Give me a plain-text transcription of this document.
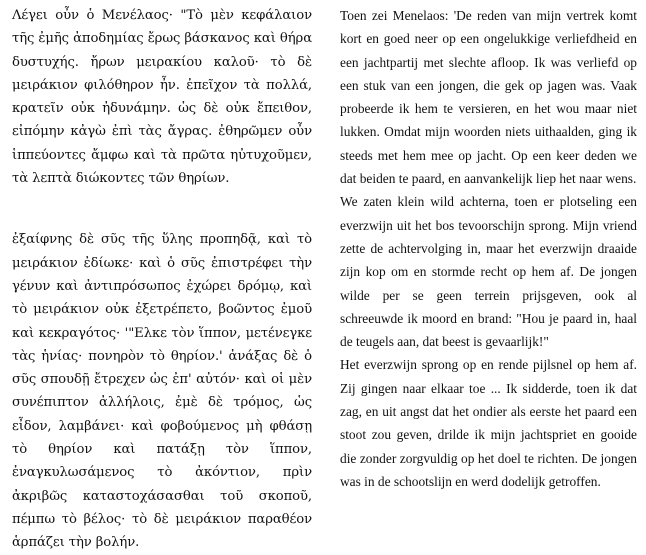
Λέγει οὖν ὁ Μενέλαος· "Τὸ μὲν κεφάλαιον τῆς ἐμῆς ἀποδημίας ἔρως βάσκανος καὶ θήρα δυστυχής. ἤρων μειρακίου καλοῦ· τὸ δὲ μειράκιον φιλόθηρον ἦν. ἐπεῖχον τὰ πολλά, κρατεῖν οὐκ ἠδυνάμην. ὡς δὲ οὐκ ἔπειθον, εἰπόμην κἀγὼ ἐπὶ τὰς ἄγρας. ἐθηρῶμεν οὖν ἱππεύοντες ἄμφω καὶ τὰ πρῶτα ηὐτυχοῦμεν, τὰ λεπτὰ διώκοντες τῶν θηρίων.

ἐξαίφνης δὲ σῦς τῆς ὕλης προπηδᾷ, καὶ τὸ μειράκιον ἐδίωκε· καὶ ὁ σῦς ἐπιστρέφει τὴν γένυν καὶ ἀντιπρόσωπος ἐχώρει δρόμῳ, καὶ τὸ μειράκιον οὐκ ἐξετρέπετο, βοῶντος ἐμοῦ καὶ κεκραγότος· '"Ελκε τὸν ἵππον, μετένεγκε τὰς ἡνίας· πονηρὸν τὸ θηρίον.' ἀνάξας δὲ ὁ σῦς σπουδῇ ἔτρεχεν ὡς ἐπ' αὐτόν· καὶ οἱ μὲν συνέπιπτον ἀλλήλοις, ἐμὲ δὲ τρόμος, ὡς εἶδον, λαμβάνει· καὶ φοβούμενος μὴ φθάσῃ τὸ θηρίον καὶ πατάξῃ τὸν ἵππον, ἐναγκυλωσάμενος τὸ ἀκόντιον, πρὶν ἀκριβῶς καταστοχάσασθαι τοῦ σκοποῦ, πέμπω τὸ βέλος· τὸ δὲ μειράκιον παραθέον ἁρπάζει τὴν βολήν.

Toen zei Menelaos: 'De reden van mijn vertrek komt kort en goed neer op een ongelukkige verliefdheid en een jachtpartij met slechte afloop. Ik was verliefd op een stuk van een jongen, die gek op jagen was. Vaak probeerde ik hem te versieren, en het wou maar niet lukken. Omdat mijn woorden niets uithaalden, ging ik steeds met hem mee op jacht. Op een keer deden we dat beiden te paard, en aanvankelijk liep het naar wens.

We zaten klein wild achterna, toen er plotseling een everzwijn uit het bos tevoorschijn sprong. Mijn vriend zette de achtervolging in, maar het everzwijn draaide zijn kop om en stormde recht op hem af. De jongen wilde per se geen terrein prijsgeven, ook al schreeuwde ik moord en brand: "Hou je paard in, haal de teugels aan, dat beest is gevaarlijk!"

Het everzwijn sprong op en rende pijlsnel op hem af. Zij gingen naar elkaar toe ... Ik sidderde, toen ik dat zag, en uit angst dat het ondier als eerste het paard een stoot zou geven, drilde ik mijn jachtspriet en gooide die zonder zorgvuldig op het doel te richten. De jongen was in de schootslijn en werd dodelijk getroffen.
